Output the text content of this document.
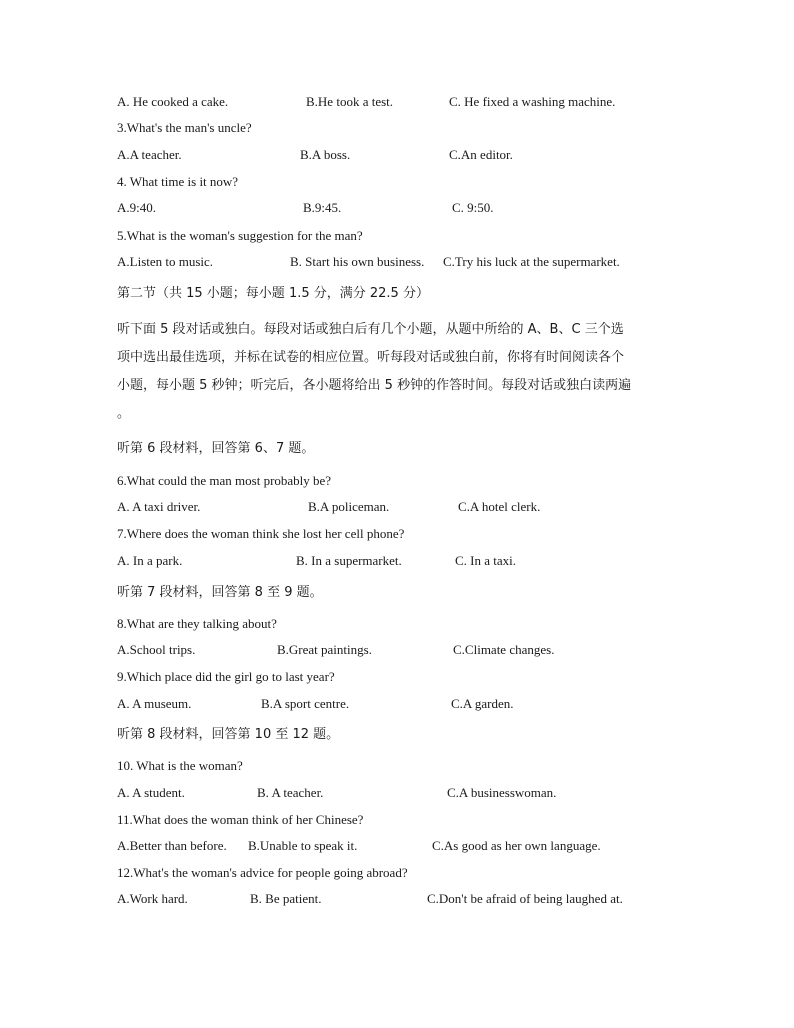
A. He cooked a cake.	B.He took a test.	C. He fixed a washing machine.
3.What's the man's uncle?
A.A teacher.	B.A boss.	C.An editor.
4. What time is it now?
A.9:40.	B.9:45.	C. 9:50.
5.What is the woman's suggestion for the man?
A.Listen to music.	B. Start his own business. C.Try his luck at the supermarket.
第二节（共 15 小题；每小题 1.5 分，满分 22.5 分）
听下面 5 段对话或独白。每段对话或独白后有几个小题，从题中所给的 A、B、C 三个选
项中选出最佳选项，并标在试卷的相应位置。听每段对话或独白前，你将有时间阅读各个
小题，每小题 5 秒钟；听完后，各小题将给出 5 秒钟的作答时间。每段对话或独白读两遍
。
听第 6 段材料，回答第 6、7 题。
6.What could the man most probably be?
A. A taxi driver.	B.A policeman.	C.A hotel clerk.
7.Where does the woman think she lost her cell phone?
A. In a park.	B. In a supermarket.	C. In a taxi.
听第 7 段材料，回答第 8 至 9 题。
8.What are they talking about?
A.School trips.	B.Great paintings.	C.Climate changes.
9.Which place did the girl go to last year?
A. A museum.	B.A sport centre.	C.A garden.
听第 8 段材料，回答第 10 至 12 题。
10. What is the woman?
A. A student.	B. A teacher.	C.A businesswoman.
11.What does the woman think of her Chinese?
A.Better than before. B.Unable to speak it.	C.As good as her own language.
12.What's the woman's advice for people going abroad?
A.Work hard.	B. Be patient.	C.Don't be afraid of being laughed at.
